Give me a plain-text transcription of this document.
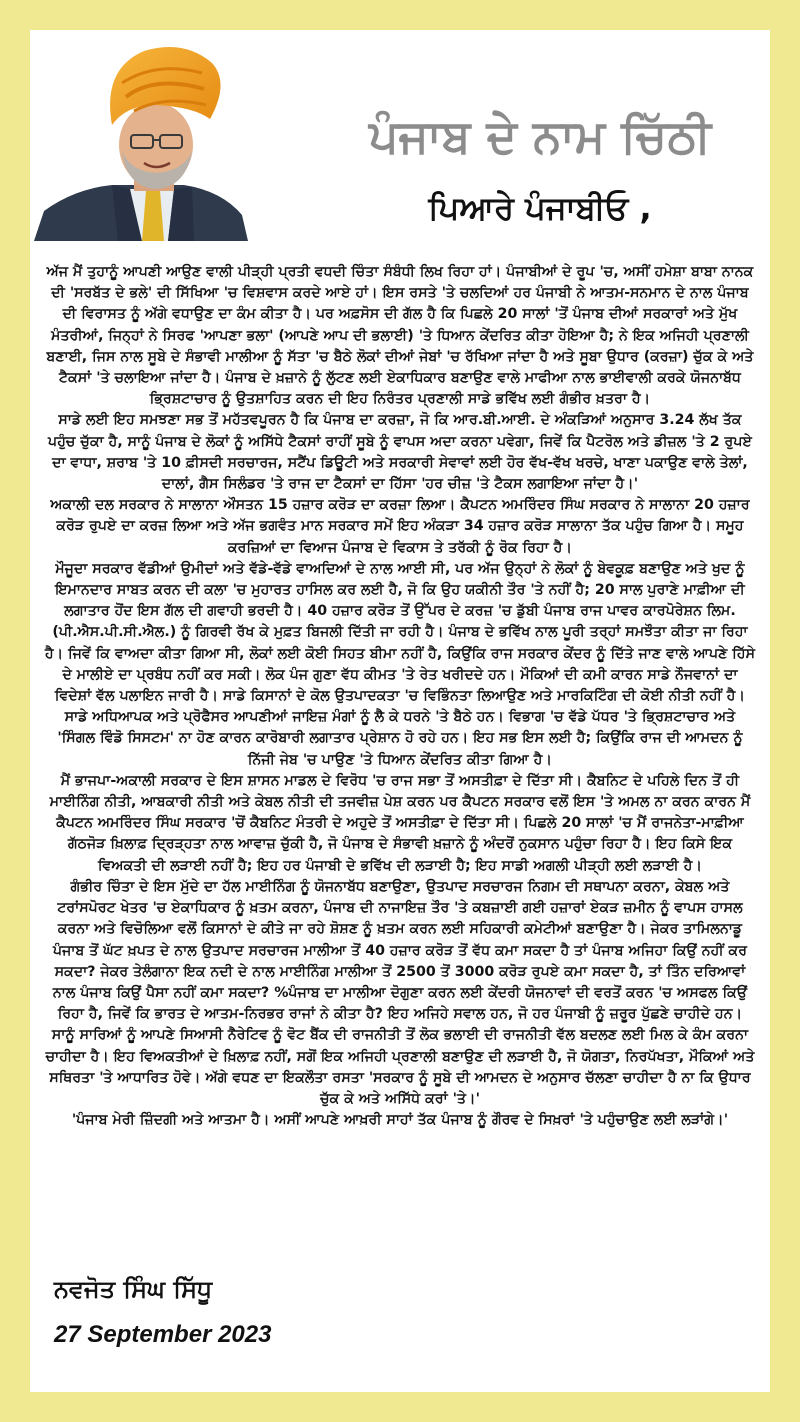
ਪੰਜਾਬ ਦੇ ਨਾਮ ਚਿੱਠੀ
ਪਿਆਰੇ ਪੰਜਾਬੀਓ ,

ਅੱਜ ਮੈਂ ਤੁਹਾਨੂੰ ਆਪਣੀ ਆਉਣ ਵਾਲੀ ਪੀੜ੍ਹੀ ਪ੍ਰਤੀ ਵਧਦੀ ਚਿੰਤਾ ਸੰਬੰਧੀ ਲਿਖ ਰਿਹਾ ਹਾਂ। ਪੰਜਾਬੀਆਂ ਦੇ ਰੂਪ 'ਚ, ਅਸੀਂ ਹਮੇਸ਼ਾ ਬਾਬਾ ਨਾਨਕ ਦੀ 'ਸਰਬੱਤ ਦੇ ਭਲੇ' ਦੀ ਸਿੱਖਿਆ 'ਚ ਵਿਸ਼ਵਾਸ ਕਰਦੇ ਆਏ ਹਾਂ। ਇਸ ਰਸਤੇ 'ਤੇ ਚਲਦਿਆਂ ਹਰ ਪੰਜਾਬੀ ਨੇ ਆਤਮ-ਸਨਮਾਨ ਦੇ ਨਾਲ ਪੰਜਾਬ ਦੀ ਵਿਰਾਸਤ ਨੂੰ ਅੱਗੇ ਵਧਾਉਣ ਦਾ ਕੰਮ ਕੀਤਾ ਹੈ। ਪਰ ਅਫ਼ਸੋਸ ਦੀ ਗੱਲ ਹੈ ਕਿ ਪਿਛਲੇ 20 ਸਾਲਾਂ 'ਤੋਂ ਪੰਜਾਬ ਦੀਆਂ ਸਰਕਾਰਾਂ ਅਤੇ ਮੁੱਖ ਮੰਤਰੀਆਂ, ਜਿਨ੍ਹਾਂ ਨੇ ਸਿਰਫ 'ਆਪਣਾ ਭਲਾ' (ਆਪਣੇ ਆਪ ਦੀ ਭਲਾਈ) 'ਤੇ ਧਿਆਨ ਕੇਂਦਰਿਤ ਕੀਤਾ ਹੋਇਆ ਹੈ; ਨੇ ਇਕ ਅਜਿਹੀ ਪ੍ਰਣਾਲੀ ਬਣਾਈ, ਜਿਸ ਨਾਲ ਸੂਬੇ ਦੇ ਸੰਭਾਵੀ ਮਾਲੀਆ ਨੂੰ ਸੱਤਾ 'ਚ ਬੈਠੇ ਲੋਕਾਂ ਦੀਆਂ ਜੇਬਾਂ 'ਚ ਰੱਖਿਆ ਜਾਂਦਾ ਹੈ ਅਤੇ ਸੂਬਾ ਉਧਾਰ (ਕਰਜ਼ਾ) ਚੁੱਕ ਕੇ ਅਤੇ ਟੈਕਸਾਂ 'ਤੇ ਚਲਾਇਆ ਜਾਂਦਾ ਹੈ। ਪੰਜਾਬ ਦੇ ਖ਼ਜ਼ਾਨੇ ਨੂੰ ਲੁੱਟਣ ਲਈ ਏਕਾਧਿਕਾਰ ਬਣਾਉਣ ਵਾਲੇ ਮਾਫੀਆ ਨਾਲ ਭਾਈਵਾਲੀ ਕਰਕੇ ਯੋਜਨਾਬੱਧ ਭ੍ਰਿਸ਼ਟਾਚਾਰ ਨੂੰ ਉਤਸ਼ਾਹਿਤ ਕਰਨ ਦੀ ਇਹ ਨਿਰੰਤਰ ਪ੍ਰਣਾਲੀ ਸਾਡੇ ਭਵਿੱਖ ਲਈ ਗੰਭੀਰ ਖ਼ਤਰਾ ਹੈ।

ਸਾਡੇ ਲਈ ਇਹ ਸਮਝਣਾ ਸਭ ਤੋਂ ਮਹੱਤਵਪੂਰਨ ਹੈ ਕਿ ਪੰਜਾਬ ਦਾ ਕਰਜ਼ਾ, ਜੋ ਕਿ ਆਰ.ਬੀ.ਆਈ. ਦੇ ਅੰਕੜਿਆਂ ਅਨੁਸਾਰ 3.24 ਲੱਖ ਤੱਕ ਪਹੁੰਚ ਚੁੱਕਾ ਹੈ, ਸਾਨੂੰ ਪੰਜਾਬ ਦੇ ਲੋਕਾਂ ਨੂੰ ਅਸਿੱਧੇ ਟੈਕਸਾਂ ਰਾਹੀਂ ਸੂਬੇ ਨੂੰ ਵਾਪਸ ਅਦਾ ਕਰਨਾ ਪਵੇਗਾ, ਜਿਵੇਂ ਕਿ ਪੈਟਰੋਲ ਅਤੇ ਡੀਜ਼ਲ 'ਤੇ 2 ਰੁਪਏ ਦਾ ਵਾਧਾ, ਸ਼ਰਾਬ 'ਤੇ 10 ਫ਼ੀਸਦੀ ਸਰਚਾਰਜ, ਸਟੈਂਪ ਡਿਊਟੀ ਅਤੇ ਸਰਕਾਰੀ ਸੇਵਾਵਾਂ ਲਈ ਹੋਰ ਵੱਖ-ਵੱਖ ਖਰਚੇ, ਖਾਣਾ ਪਕਾਉਣ ਵਾਲੇ ਤੇਲਾਂ, ਦਾਲਾਂ, ਗੈਸ ਸਿਲੰਡਰ 'ਤੇ ਰਾਜ ਦਾ ਟੈਕਸਾਂ ਦਾ ਹਿੱਸਾ 'ਹਰ ਚੀਜ਼ 'ਤੇ ਟੈਕਸ ਲਗਾਇਆ ਜਾਂਦਾ ਹੈ।'

ਅਕਾਲੀ ਦਲ ਸਰਕਾਰ ਨੇ ਸਾਲਾਨਾ ਔਸਤਨ 15 ਹਜ਼ਾਰ ਕਰੋੜ ਦਾ ਕਰਜ਼ਾ ਲਿਆ। ਕੈਪਟਨ ਅਮਰਿੰਦਰ ਸਿੰਘ ਸਰਕਾਰ ਨੇ ਸਾਲਾਨਾ 20 ਹਜ਼ਾਰ ਕਰੋੜ ਰੁਪਏ ਦਾ ਕਰਜ਼ ਲਿਆ ਅਤੇ ਅੱਜ ਭਗਵੰਤ ਮਾਨ ਸਰਕਾਰ ਸਮੇਂ ਇਹ ਅੰਕੜਾ 34 ਹਜ਼ਾਰ ਕਰੋੜ ਸਾਲਾਨਾ ਤੱਕ ਪਹੁੰਚ ਗਿਆ ਹੈ। ਸਮੂਹ ਕਰਜ਼ਿਆਂ ਦਾ ਵਿਆਜ ਪੰਜਾਬ ਦੇ ਵਿਕਾਸ ਤੇ ਤਰੱਕੀ ਨੂੰ ਰੋਕ ਰਿਹਾ ਹੈ।

ਮੌਜੂਦਾ ਸਰਕਾਰ ਵੱਡੀਆਂ ਉਮੀਦਾਂ ਅਤੇ ਵੱਡੇ-ਵੱਡੇ ਵਾਅਦਿਆਂ ਦੇ ਨਾਲ ਆਈ ਸੀ, ਪਰ ਅੱਜ ਉਨ੍ਹਾਂ ਨੇ ਲੋਕਾਂ ਨੂੰ ਬੇਵਕੂਫ਼ ਬਣਾਉਣ ਅਤੇ ਖੁਦ ਨੂੰ ਇਮਾਨਦਾਰ ਸਾਬਤ ਕਰਨ ਦੀ ਕਲਾ 'ਚ ਮੁਹਾਰਤ ਹਾਸਿਲ ਕਰ ਲਈ ਹੈ, ਜੋ ਕਿ ਉਹ ਯਕੀਨੀ ਤੌਰ 'ਤੇ ਨਹੀਂ ਹੈ; 20 ਸਾਲ ਪੁਰਾਣੇ ਮਾਫ਼ੀਆ ਦੀ ਲਗਾਤਾਰ ਹੋਂਦ ਇਸ ਗੱਲ ਦੀ ਗਵਾਹੀ ਭਰਦੀ ਹੈ। 40 ਹਜ਼ਾਰ ਕਰੋੜ ਤੋਂ ਉੱਪਰ ਦੇ ਕਰਜ਼ 'ਚ ਡੁੱਬੀ ਪੰਜਾਬ ਰਾਜ ਪਾਵਰ ਕਾਰਪੋਰੇਸ਼ਨ ਲਿਮ. (ਪੀ.ਐਸ.ਪੀ.ਸੀ.ਐਲ.) ਨੂੰ ਗਿਰਵੀ ਰੱਖ ਕੇ ਮੁਫ਼ਤ ਬਿਜਲੀ ਦਿੱਤੀ ਜਾ ਰਹੀ ਹੈ। ਪੰਜਾਬ ਦੇ ਭਵਿੱਖ ਨਾਲ ਪੂਰੀ ਤਰ੍ਹਾਂ ਸਮਝੌਤਾ ਕੀਤਾ ਜਾ ਰਿਹਾ ਹੈ। ਜਿਵੇਂ ਕਿ ਵਾਅਦਾ ਕੀਤਾ ਗਿਆ ਸੀ, ਲੋਕਾਂ ਲਈ ਕੋਈ ਸਿਹਤ ਬੀਮਾ ਨਹੀਂ ਹੈ, ਕਿਉਂਕਿ ਰਾਜ ਸਰਕਾਰ ਕੇਂਦਰ ਨੂੰ ਦਿੱਤੇ ਜਾਣ ਵਾਲੇ ਆਪਣੇ ਹਿੱਸੇ ਦੇ ਮਾਲੀਏ ਦਾ ਪ੍ਰਬੰਧ ਨਹੀਂ ਕਰ ਸਕੀ। ਲੋਕ ਪੰਜ ਗੁਣਾ ਵੱਧ ਕੀਮਤ 'ਤੇ ਰੇਤ ਖਰੀਦਦੇ ਹਨ। ਮੌਕਿਆਂ ਦੀ ਕਮੀ ਕਾਰਨ ਸਾਡੇ ਨੌਜਵਾਨਾਂ ਦਾ ਵਿਦੇਸ਼ਾਂ ਵੱਲ ਪਲਾਇਨ ਜਾਰੀ ਹੈ। ਸਾਡੇ ਕਿਸਾਨਾਂ ਦੇ ਕੋਲ ਉਤਪਾਦਕਤਾ 'ਚ ਵਿਭਿੰਨਤਾ ਲਿਆਉਣ ਅਤੇ ਮਾਰਕਿਟਿੰਗ ਦੀ ਕੋਈ ਨੀਤੀ ਨਹੀਂ ਹੈ। ਸਾਡੇ ਅਧਿਆਪਕ ਅਤੇ ਪ੍ਰੋਫੈਸਰ ਆਪਣੀਆਂ ਜਾਇਜ਼ ਮੰਗਾਂ ਨੂੰ ਲੈ ਕੇ ਧਰਨੇ 'ਤੇ ਬੈਠੇ ਹਨ। ਵਿਭਾਗ 'ਚ ਵੱਡੇ ਪੱਧਰ 'ਤੇ ਭ੍ਰਿਸ਼ਟਾਚਾਰ ਅਤੇ 'ਸਿੰਗਲ ਵਿੰਡੋ ਸਿਸਟਮ' ਨਾ ਹੋਣ ਕਾਰਨ ਕਾਰੋਬਾਰੀ ਲਗਾਤਾਰ ਪ੍ਰੇਸ਼ਾਨ ਹੋ ਰਹੇ ਹਨ। ਇਹ ਸਭ ਇਸ ਲਈ ਹੈ; ਕਿਉਂਕਿ ਰਾਜ ਦੀ ਆਮਦਨ ਨੂੰ ਨਿੱਜੀ ਜੇਬ 'ਚ ਪਾਉਣ 'ਤੇ ਧਿਆਨ ਕੇਂਦਰਿਤ ਕੀਤਾ ਗਿਆ ਹੈ।

ਮੈਂ ਭਾਜਪਾ-ਅਕਾਲੀ ਸਰਕਾਰ ਦੇ ਇਸ ਸ਼ਾਸਨ ਮਾਡਲ ਦੇ ਵਿਰੋਧ 'ਚ ਰਾਜ ਸਭਾ ਤੋਂ ਅਸਤੀਫ਼ਾ ਦੇ ਦਿੱਤਾ ਸੀ। ਕੈਬਨਿਟ ਦੇ ਪਹਿਲੇ ਦਿਨ ਤੋਂ ਹੀ ਮਾਈਨਿੰਗ ਨੀਤੀ, ਆਬਕਾਰੀ ਨੀਤੀ ਅਤੇ ਕੇਬਲ ਨੀਤੀ ਦੀ ਤਜਵੀਜ਼ ਪੇਸ਼ ਕਰਨ ਪਰ ਕੈਪਟਨ ਸਰਕਾਰ ਵਲੋਂ ਇਸ 'ਤੇ ਅਮਲ ਨਾ ਕਰਨ ਕਾਰਨ ਮੈਂ ਕੈਪਟਨ ਅਮਰਿੰਦਰ ਸਿੰਘ ਸਰਕਾਰ 'ਚੋਂ ਕੈਬਨਿਟ ਮੰਤਰੀ ਦੇ ਅਹੁਦੇ ਤੋਂ ਅਸਤੀਫ਼ਾ ਦੇ ਦਿੱਤਾ ਸੀ। ਪਿਛਲੇ 20 ਸਾਲਾਂ 'ਚ ਮੈਂ ਰਾਜਨੇਤਾ-ਮਾਫ਼ੀਆ ਗੱਠਜੋੜ ਖ਼ਿਲਾਫ਼ ਦ੍ਰਿੜ੍ਹਤਾ ਨਾਲ ਆਵਾਜ਼ ਚੁੱਕੀ ਹੈ, ਜੋ ਪੰਜਾਬ ਦੇ ਸੰਭਾਵੀ ਖ਼ਜ਼ਾਨੇ ਨੂੰ ਅੰਦਰੋਂ ਨੁਕਸਾਨ ਪਹੁੰਚਾ ਰਿਹਾ ਹੈ। ਇਹ ਕਿਸੇ ਇਕ ਵਿਅਕਤੀ ਦੀ ਲੜਾਈ ਨਹੀਂ ਹੈ; ਇਹ ਹਰ ਪੰਜਾਬੀ ਦੇ ਭਵਿੱਖ ਦੀ ਲੜਾਈ ਹੈ; ਇਹ ਸਾਡੀ ਅਗਲੀ ਪੀੜ੍ਹੀ ਲਈ ਲੜਾਈ ਹੈ।

ਗੰਭੀਰ ਚਿੰਤਾ ਦੇ ਇਸ ਮੁੱਦੇ ਦਾ ਹੱਲ ਮਾਈਨਿੰਗ ਨੂੰ ਯੋਜਨਾਬੱਧ ਬਣਾਉਣਾ, ਉਤਪਾਦ ਸਰਚਾਰਜ ਨਿਗਮ ਦੀ ਸਥਾਪਨਾ ਕਰਨਾ, ਕੇਬਲ ਅਤੇ ਟਰਾਂਸਪੋਰਟ ਖੇਤਰ 'ਚ ਏਕਾਧਿਕਾਰ ਨੂੰ ਖ਼ਤਮ ਕਰਨਾ, ਪੰਜਾਬ ਦੀ ਨਾਜਾਇਜ਼ ਤੌਰ 'ਤੇ ਕਬਜ਼ਾਈ ਗਈ ਹਜ਼ਾਰਾਂ ਏਕੜ ਜ਼ਮੀਨ ਨੂੰ ਵਾਪਸ ਹਾਸਲ ਕਰਨਾ ਅਤੇ ਵਿਚੋਲਿਆ ਵਲੋਂ ਕਿਸਾਨਾਂ ਦੇ ਕੀਤੇ ਜਾ ਰਹੇ ਸ਼ੋਸ਼ਣ ਨੂੰ ਖ਼ਤਮ ਕਰਨ ਲਈ ਸਹਿਕਾਰੀ ਕਮੇਟੀਆਂ ਬਣਾਉਣਾ ਹੈ। ਜੇਕਰ ਤਾਮਿਲਨਾਡੂ ਪੰਜਾਬ ਤੋਂ ਘੱਟ ਖ਼ਪਤ ਦੇ ਨਾਲ ਉਤਪਾਦ ਸਰਚਾਰਜ ਮਾਲੀਆ ਤੋਂ 40 ਹਜ਼ਾਰ ਕਰੋੜ ਤੋਂ ਵੱਧ ਕਮਾ ਸਕਦਾ ਹੈ ਤਾਂ ਪੰਜਾਬ ਅਜਿਹਾ ਕਿਉਂ ਨਹੀਂ ਕਰ ਸਕਦਾ? ਜੇਕਰ ਤੇਲੰਗਾਨਾ ਇਕ ਨਦੀ ਦੇ ਨਾਲ ਮਾਈਨਿੰਗ ਮਾਲੀਆ ਤੋਂ 2500 ਤੋਂ 3000 ਕਰੋੜ ਰੁਪਏ ਕਮਾ ਸਕਦਾ ਹੈ, ਤਾਂ ਤਿੰਨ ਦਰਿਆਵਾਂ ਨਾਲ ਪੰਜਾਬ ਕਿਉਂ ਪੈਸਾ ਨਹੀਂ ਕਮਾ ਸਕਦਾ? %ਪੰਜਾਬ ਦਾ ਮਾਲੀਆ ਦੋਗੁਣਾ ਕਰਨ ਲਈ ਕੇਂਦਰੀ ਯੋਜਨਾਵਾਂ ਦੀ ਵਰਤੋਂ ਕਰਨ 'ਚ ਅਸਫਲ ਕਿਉਂ ਰਿਹਾ ਹੈ, ਜਿਵੇਂ ਕਿ ਭਾਰਤ ਦੇ ਆਤਮ-ਨਿਰਭਰ ਰਾਜਾਂ ਨੇ ਕੀਤਾ ਹੈ? ਇਹ ਅਜਿਹੇ ਸਵਾਲ ਹਨ, ਜੋ ਹਰ ਪੰਜਾਬੀ ਨੂੰ ਜ਼ਰੂਰ ਪੁੱਛਣੇ ਚਾਹੀਦੇ ਹਨ। ਸਾਨੂੰ ਸਾਰਿਆਂ ਨੂੰ ਆਪਣੇ ਸਿਆਸੀ ਨੈਰੇਟਿਵ ਨੂੰ ਵੋਟ ਬੈਂਕ ਦੀ ਰਾਜਨੀਤੀ ਤੋਂ ਲੋਕ ਭਲਾਈ ਦੀ ਰਾਜਨੀਤੀ ਵੱਲ ਬਦਲਣ ਲਈ ਮਿਲ ਕੇ ਕੰਮ ਕਰਨਾ ਚਾਹੀਦਾ ਹੈ। ਇਹ ਵਿਅਕਤੀਆਂ ਦੇ ਖ਼ਿਲਾਫ਼ ਨਹੀਂ, ਸਗੋਂ ਇਕ ਅਜਿਹੀ ਪ੍ਰਣਾਲੀ ਬਣਾਉਣ ਦੀ ਲੜਾਈ ਹੈ, ਜੋ ਯੋਗਤਾ, ਨਿਰਪੱਖਤਾ, ਮੌਕਿਆਂ ਅਤੇ ਸਥਿਰਤਾ 'ਤੇ ਆਧਾਰਿਤ ਹੋਵੇ। ਅੱਗੇ ਵਧਣ ਦਾ ਇਕਲੌਤਾ ਰਸਤਾ 'ਸਰਕਾਰ ਨੂੰ ਸੂਬੇ ਦੀ ਆਮਦਨ ਦੇ ਅਨੁਸਾਰ ਚੱਲਣਾ ਚਾਹੀਦਾ ਹੈ ਨਾ ਕਿ ਉਧਾਰ ਚੁੱਕ ਕੇ ਅਤੇ ਅਸਿੱਧੇ ਕਰਾਂ 'ਤੇ।'

'ਪੰਜਾਬ ਮੇਰੀ ਜ਼ਿੰਦਗੀ ਅਤੇ ਆਤਮਾ ਹੈ। ਅਸੀਂ ਆਪਣੇ ਆਖ਼ਰੀ ਸਾਹਾਂ ਤੱਕ ਪੰਜਾਬ ਨੂੰ ਗੌਰਵ ਦੇ ਸਿਖ਼ਰਾਂ 'ਤੇ ਪਹੁੰਚਾਉਣ ਲਈ ਲੜਾਂਗੇ।'

ਨਵਜੋਤ ਸਿੰਘ ਸਿੱਧੂ
27 September 2023
